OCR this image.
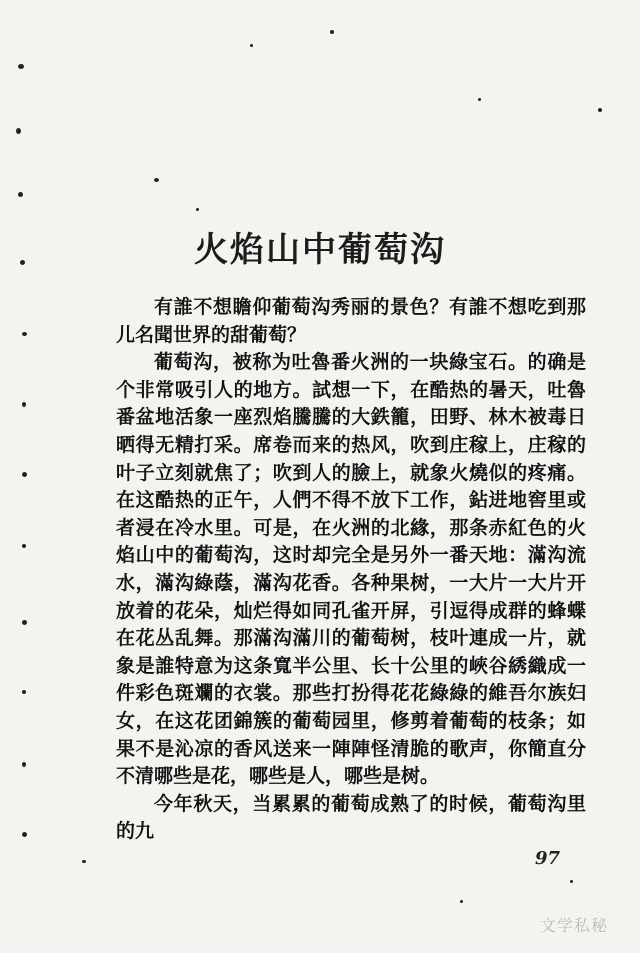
火焰山中葡萄沟

有誰不想瞻仰葡萄沟秀丽的景色？有誰不想吃到那儿名聞世界的甜葡萄？

葡萄沟，被称为吐魯番火洲的一块綠宝石。的确是个非常吸引人的地方。試想一下，在酷热的暑天，吐魯番盆地活象一座烈焰騰騰的大鉄籠，田野、林木被毒日晒得无精打采。席卷而来的热风，吹到庄稼上，庄稼的叶子立刻就焦了；吹到人的臉上，就象火燒似的疼痛。在这酷热的正午，人們不得不放下工作，鉆进地窖里或者浸在冷水里。可是，在火洲的北緣，那条赤紅色的火焰山中的葡萄沟，这时却完全是另外一番天地：滿沟流水，滿沟綠蔭，滿沟花香。各种果树，一大片一大片开放着的花朵，灿烂得如同孔雀开屏，引逗得成群的蜂蝶在花丛乱舞。那滿沟滿川的葡萄树，枝叶連成一片，就象是誰特意为这条寬半公里、长十公里的峽谷綉織成一件彩色斑斕的衣裳。那些打扮得花花綠綠的維吾尔族妇女，在这花团錦簇的葡萄园里，修剪着葡萄的枝条；如果不是沁凉的香风送来一陣陣怪清脆的歌声，你簡直分不清哪些是花，哪些是人，哪些是树。

今年秋天，当累累的葡萄成熟了的时候，葡萄沟里的九

97
文学私秘
